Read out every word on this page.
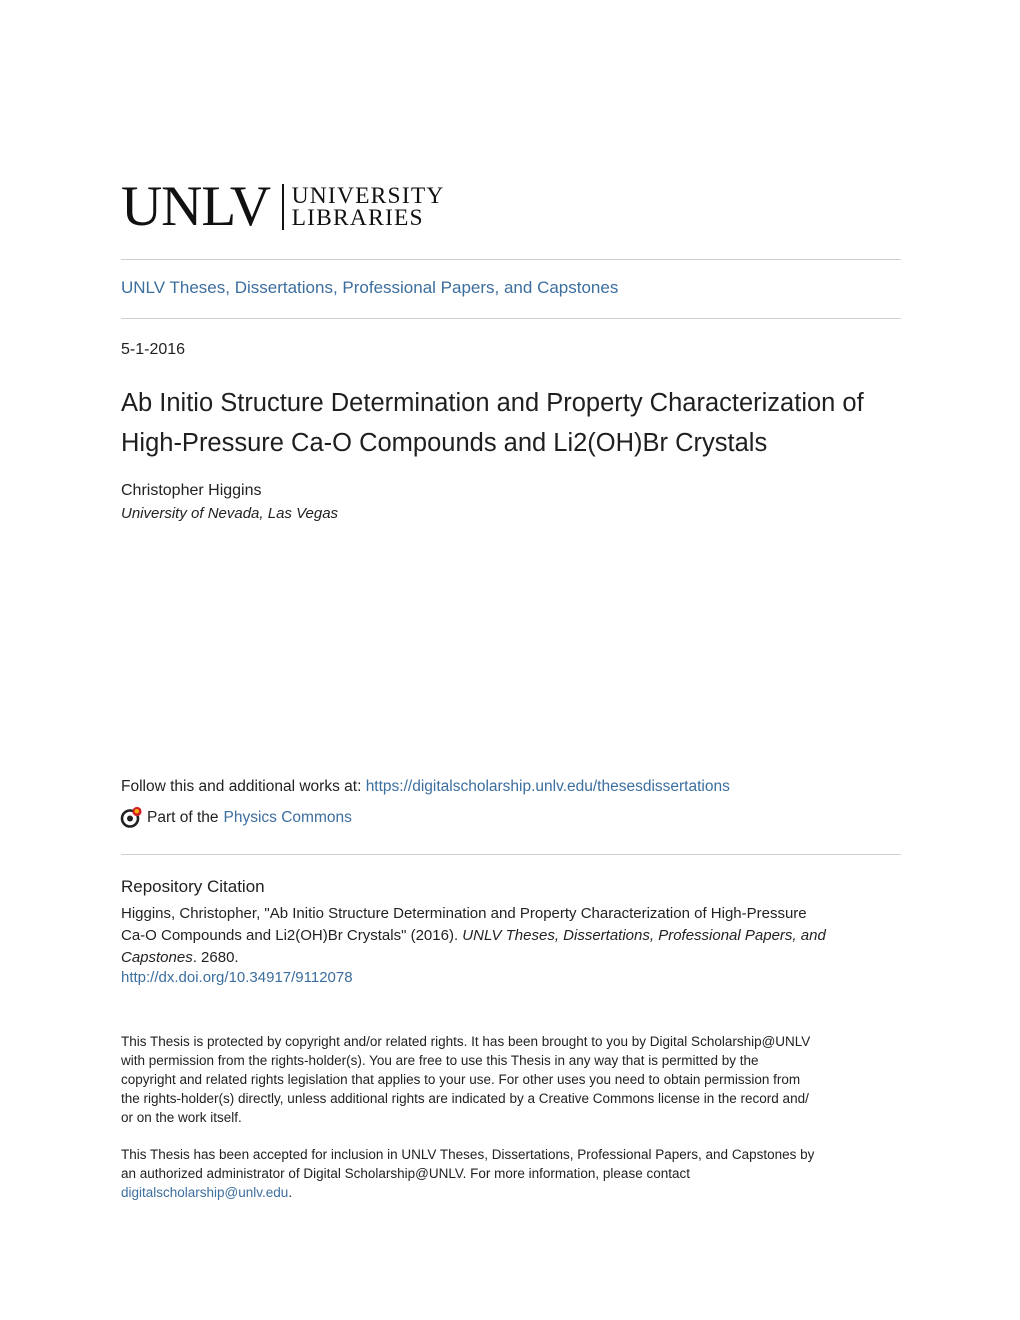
UNLV UNIVERSITY
LIBRARIES
UNLV Theses, Dissertations, Professional Papers, and Capstones
5-1-2016
Ab Initio Structure Determination and Property Characterization of
High-Pressure Ca-O Compounds and Li2(OH)Br Crystals
Christopher Higgins
University of Nevada, Las Vegas
Follow this and additional works at: https://digitalscholarship.unlv.edu/thesesdissertations
Part of the Physics Commons
Repository Citation
Higgins, Christopher, "Ab Initio Structure Determination and Property Characterization of High-Pressure
Ca-O Compounds and Li2(OH)Br Crystals" (2016). UNLV Theses, Dissertations, Professional Papers, and
Capstones. 2680.
http://dx.doi.org/10.34917/9112078
This Thesis is protected by copyright and/or related rights. It has been brought to you by Digital Scholarship@UNLV
with permission from the rights-holder(s). You are free to use this Thesis in any way that is permitted by the
copyright and related rights legislation that applies to your use. For other uses you need to obtain permission from
the rights-holder(s) directly, unless additional rights are indicated by a Creative Commons license in the record and/
or on the work itself.
This Thesis has been accepted for inclusion in UNLV Theses, Dissertations, Professional Papers, and Capstones by
an authorized administrator of Digital Scholarship@UNLV. For more information, please contact
digitalscholarship@unlv.edu.
